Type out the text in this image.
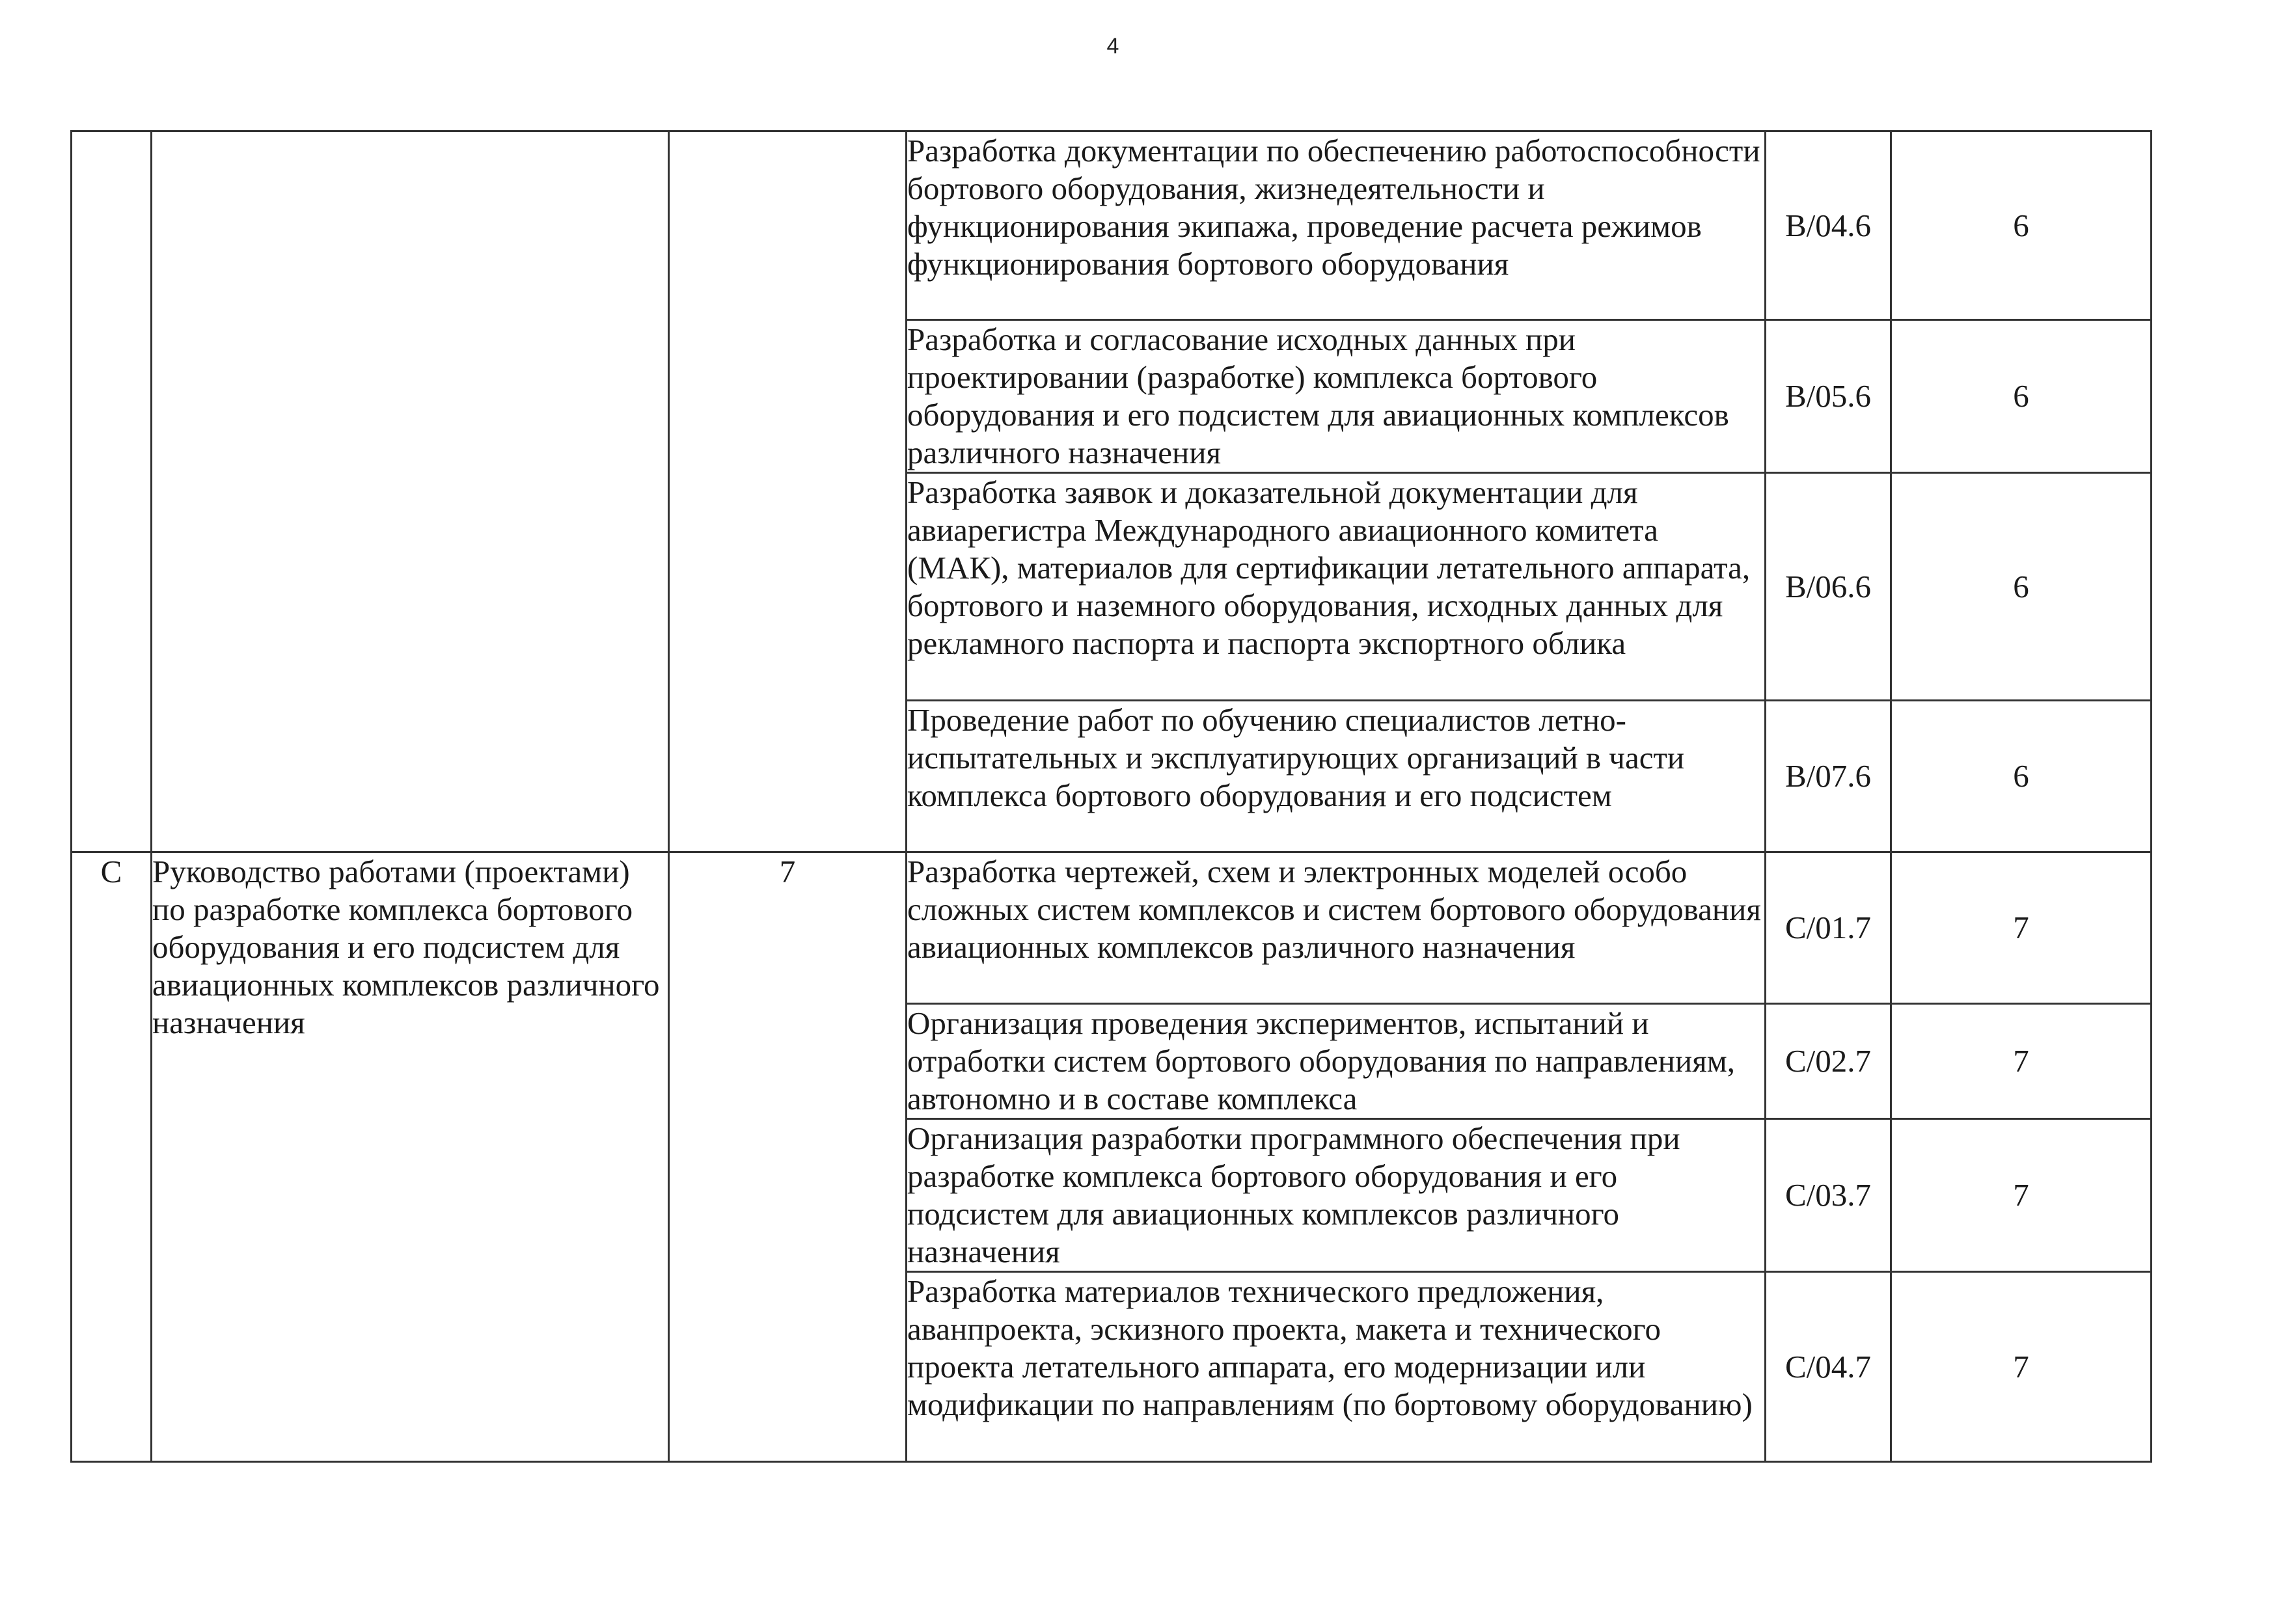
4
			Разработка документации по обеспечению работоспособности бортового оборудования, жизнедеятельности и функционирования экипажа, проведение расчета режимов функционирования бортового оборудования	B/04.6	6
			Разработка и согласование исходных данных при проектировании (разработке) комплекса бортового оборудования и его подсистем для авиационных комплексов различного назначения	B/05.6	6
			Разработка заявок и доказательной документации для авиарегистра Международного авиационного комитета (МАК), материалов для сертификации летательного аппарата, бортового и наземного оборудования, исходных данных для рекламного паспорта и паспорта экспортного облика	B/06.6	6
			Проведение работ по обучению специалистов летно-испытательных и эксплуатирующих организаций в части комплекса бортового оборудования и его подсистем	B/07.6	6
C	Руководство работами (проектами) по разработке комплекса бортового оборудования и его подсистем для авиационных комплексов различного назначения	7	Разработка чертежей, схем и электронных моделей особо сложных систем комплексов и систем бортового оборудования авиационных комплексов различного назначения	C/01.7	7
			Организация проведения экспериментов, испытаний и отработки систем бортового оборудования по направлениям, автономно и в составе комплекса	C/02.7	7
			Организация разработки программного обеспечения при разработке комплекса бортового оборудования и его подсистем для авиационных комплексов различного назначения	C/03.7	7
			Разработка материалов технического предложения, аванпроекта, эскизного проекта, макета и технического проекта летательного аппарата, его модернизации или модификации по направлениям (по бортовому оборудованию)	C/04.7	7
